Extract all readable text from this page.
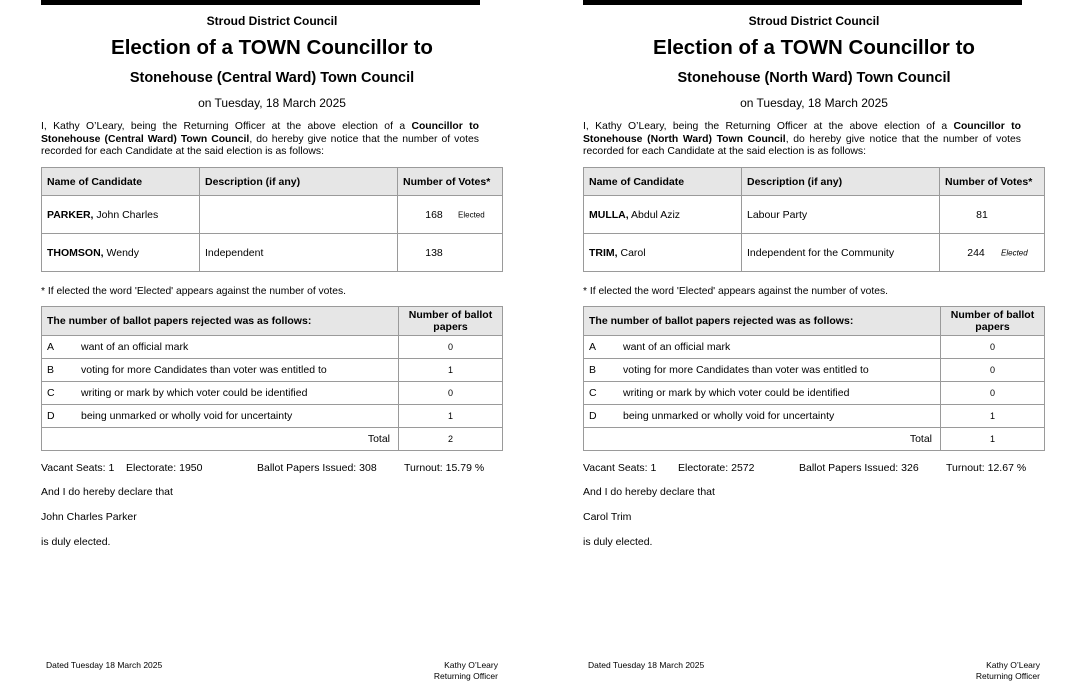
Stroud District Council
Election of a TOWN Councillor to
Stonehouse (Central Ward) Town Council
on Tuesday, 18 March 2025
I, Kathy O’Leary, being the Returning Officer at the above election of a Councillor to Stonehouse (Central Ward) Town Council, do hereby give notice that the number of votes recorded for each Candidate at the said election is as follows:
Name of Candidate	Description (if any)	Number of Votes*
PARKER, John Charles		168 Elected

THOMSON, Wendy	Independent	138
* If elected the word 'Elected' appears against the number of votes.
The number of ballot papers rejected was as follows:	Number of ballot papers
A want of an official mark	0
B voting for more Candidates than voter was entitled to	1
C writing or mark by which voter could be identified	0
D being unmarked or wholly void for uncertainty	1
Total	2
Vacant Seats: 1 Electorate: 1950	Ballot Papers Issued: 308	Turnout: 15.79 %
And I do hereby declare that
John Charles Parker
is duly elected.
Dated Tuesday 18 March 2025	Kathy O’Leary
Returning Officer
Stroud District Council
Election of a TOWN Councillor to
Stonehouse (North Ward) Town Council
on Tuesday, 18 March 2025
I, Kathy O’Leary, being the Returning Officer at the above election of a Councillor to Stonehouse (North Ward) Town Council, do hereby give notice that the number of votes recorded for each Candidate at the said election is as follows:
Name of Candidate	Description (if any)	Number of Votes*
MULLA, Abdul Aziz	Labour Party	81

TRIM, Carol	Independent for the Community	244 Elected
* If elected the word 'Elected' appears against the number of votes.
The number of ballot papers rejected was as follows:	Number of ballot papers
A want of an official mark	0
B voting for more Candidates than voter was entitled to	0
C writing or mark by which voter could be identified	0
D being unmarked or wholly void for uncertainty	1
Total	1
Vacant Seats: 1 Electorate: 2572	Ballot Papers Issued: 326	Turnout: 12.67 %
And I do hereby declare that
Carol Trim
is duly elected.
Dated Tuesday 18 March 2025	Kathy O’Leary
Returning Officer
